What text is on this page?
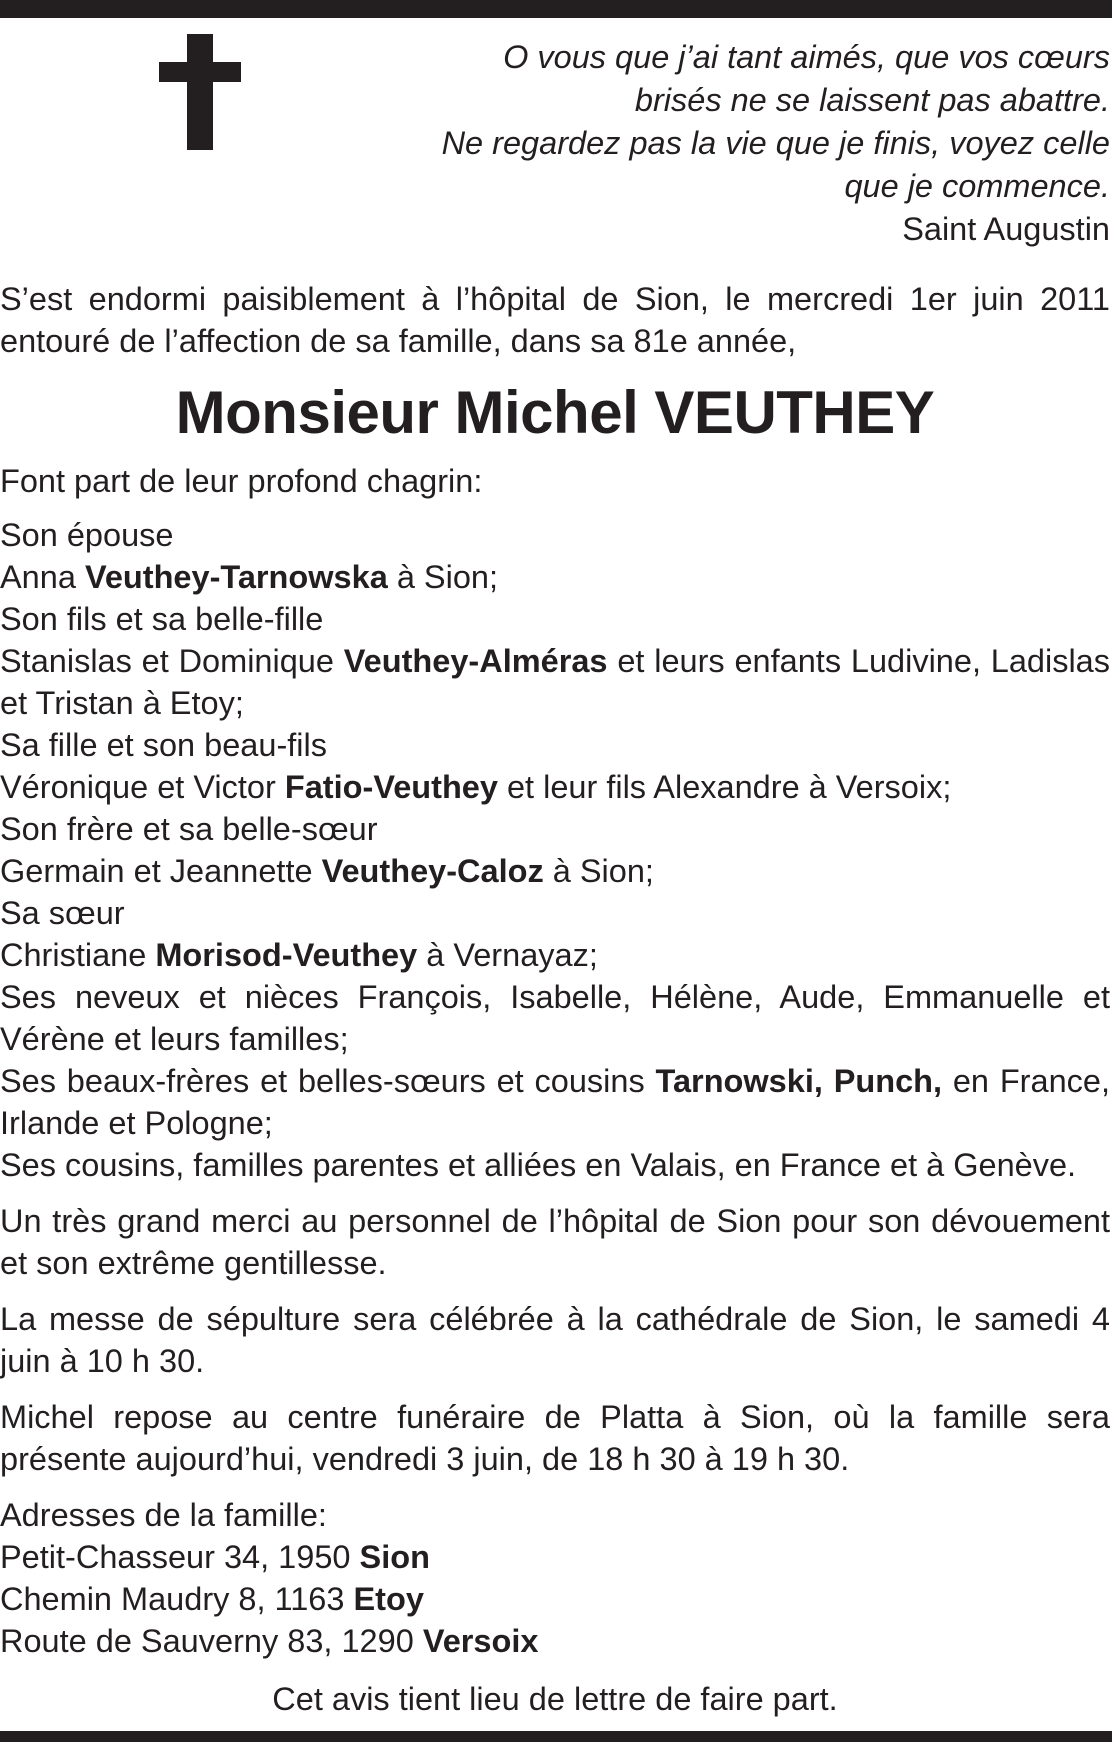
O vous que j’ai tant aimés, que vos cœurs
brisés ne se laissent pas abattre.
Ne regardez pas la vie que je finis, voyez celle
que je commence.
Saint Augustin

S’est endormi paisiblement à l’hôpital de Sion, le mercredi 1er juin 2011 entouré de l’affection de sa famille, dans sa 81e année,

Monsieur Michel VEUTHEY

Font part de leur profond chagrin:

Son épouse
Anna Veuthey-Tarnowska à Sion;
Son fils et sa belle-fille

Stanislas et Dominique Veuthey-Alméras et leurs enfants Ludivine, Ladislas et Tristan à Etoy;

Sa fille et son beau-fils
Véronique et Victor Fatio-Veuthey et leur fils Alexandre à Versoix;
Son frère et sa belle-sœur
Germain et Jeannette Veuthey-Caloz à Sion;
Sa sœur
Christiane Morisod-Veuthey à Vernayaz;

Ses neveux et nièces François, Isabelle, Hélène, Aude, Emmanuelle et Vérène et leurs familles;

Ses beaux-frères et belles-sœurs et cousins Tarnowski, Punch, en France, Irlande et Pologne;

Ses cousins, familles parentes et alliées en Valais, en France et à Genève.

Un très grand merci au personnel de l’hôpital de Sion pour son dévouement et son extrême gentillesse.

La messe de sépulture sera célébrée à la cathédrale de Sion, le samedi 4 juin à 10 h 30.

Michel repose au centre funéraire de Platta à Sion, où la famille sera présente aujourd’hui, vendredi 3 juin, de 18 h 30 à 19 h 30.

Adresses de la famille:
Petit-Chasseur 34, 1950 Sion
Chemin Maudry 8, 1163 Etoy
Route de Sauverny 83, 1290 Versoix
Cet avis tient lieu de lettre de faire part.
